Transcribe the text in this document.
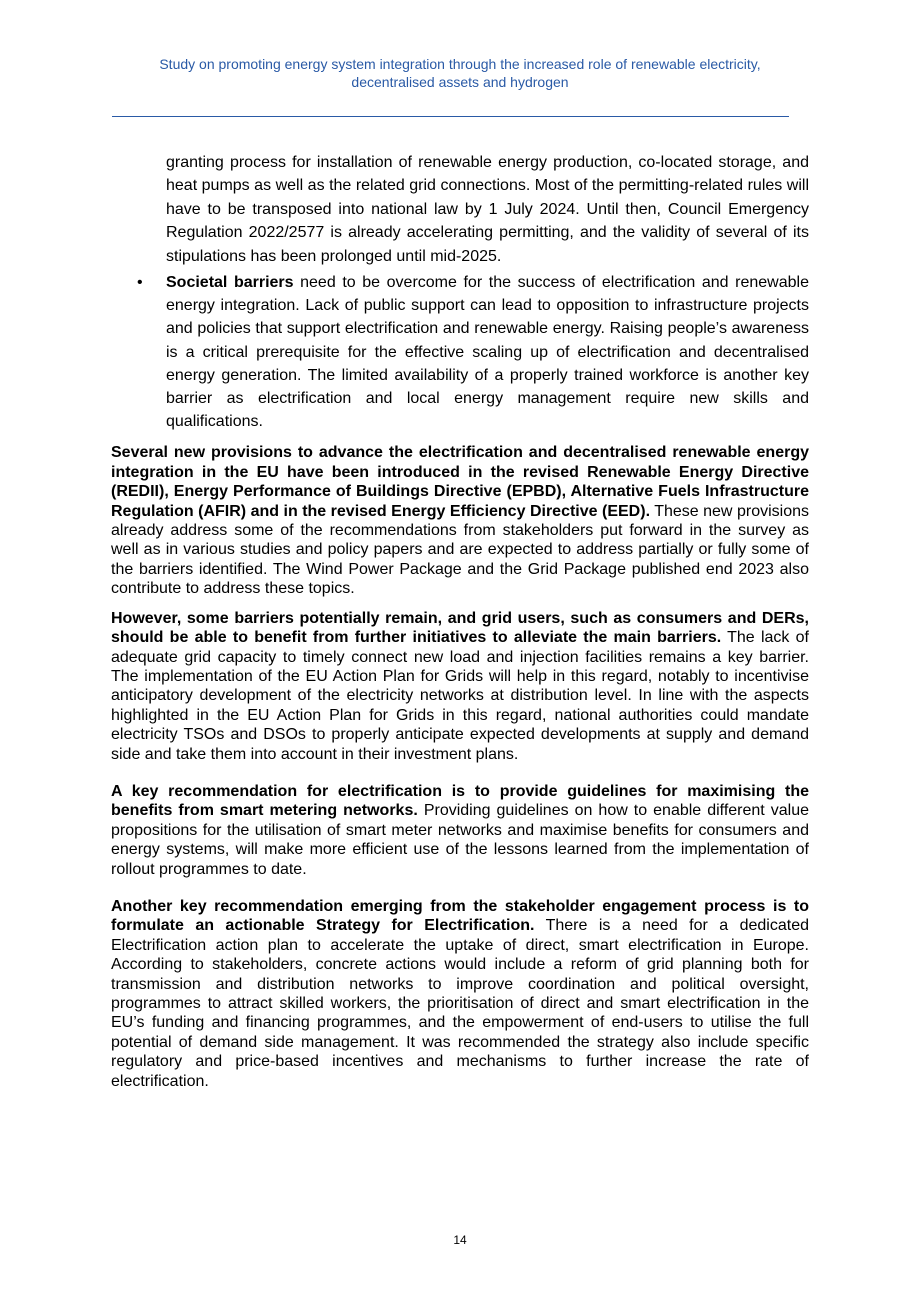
Study on promoting energy system integration through the increased role of renewable electricity,
decentralised assets and hydrogen
granting process for installation of renewable energy production, co-located storage, and heat pumps as well as the related grid connections. Most of the permitting-related rules will have to be transposed into national law by 1 July 2024. Until then, Council Emergency Regulation 2022/2577 is already accelerating permitting, and the validity of several of its stipulations has been prolonged until mid-2025.
• Societal barriers need to be overcome for the success of electrification and renewable energy integration. Lack of public support can lead to opposition to infrastructure projects and policies that support electrification and renewable energy. Raising people’s awareness is a critical prerequisite for the effective scaling up of electrification and decentralised energy generation. The limited availability of a properly trained workforce is another key barrier as electrification and local energy management require new skills and qualifications.

Several new provisions to advance the electrification and decentralised renewable energy integration in the EU have been introduced in the revised Renewable Energy Directive (REDII), Energy Performance of Buildings Directive (EPBD), Alternative Fuels Infrastructure Regulation (AFIR) and in the revised Energy Efficiency Directive (EED). These new provisions already address some of the recommendations from stakeholders put forward in the survey as well as in various studies and policy papers and are expected to address partially or fully some of the barriers identified. The Wind Power Package and the Grid Package published end 2023 also contribute to address these topics.

However, some barriers potentially remain, and grid users, such as consumers and DERs, should be able to benefit from further initiatives to alleviate the main barriers. The lack of adequate grid capacity to timely connect new load and injection facilities remains a key barrier. The implementation of the EU Action Plan for Grids will help in this regard, notably to incentivise anticipatory development of the electricity networks at distribution level. In line with the aspects highlighted in the EU Action Plan for Grids in this regard, national authorities could mandate electricity TSOs and DSOs to properly anticipate expected developments at supply and demand side and take them into account in their investment plans.

A key recommendation for electrification is to provide guidelines for maximising the benefits from smart metering networks. Providing guidelines on how to enable different value propositions for the utilisation of smart meter networks and maximise benefits for consumers and energy systems, will make more efficient use of the lessons learned from the implementation of rollout programmes to date.

Another key recommendation emerging from the stakeholder engagement process is to formulate an actionable Strategy for Electrification. There is a need for a dedicated Electrification action plan to accelerate the uptake of direct, smart electrification in Europe. According to stakeholders, concrete actions would include a reform of grid planning both for transmission and distribution networks to improve coordination and political oversight, programmes to attract skilled workers, the prioritisation of direct and smart electrification in the EU’s funding and financing programmes, and the empowerment of end-users to utilise the full potential of demand side management. It was recommended the strategy also include specific regulatory and price-based incentives and mechanisms to further increase the rate of electrification.

14
